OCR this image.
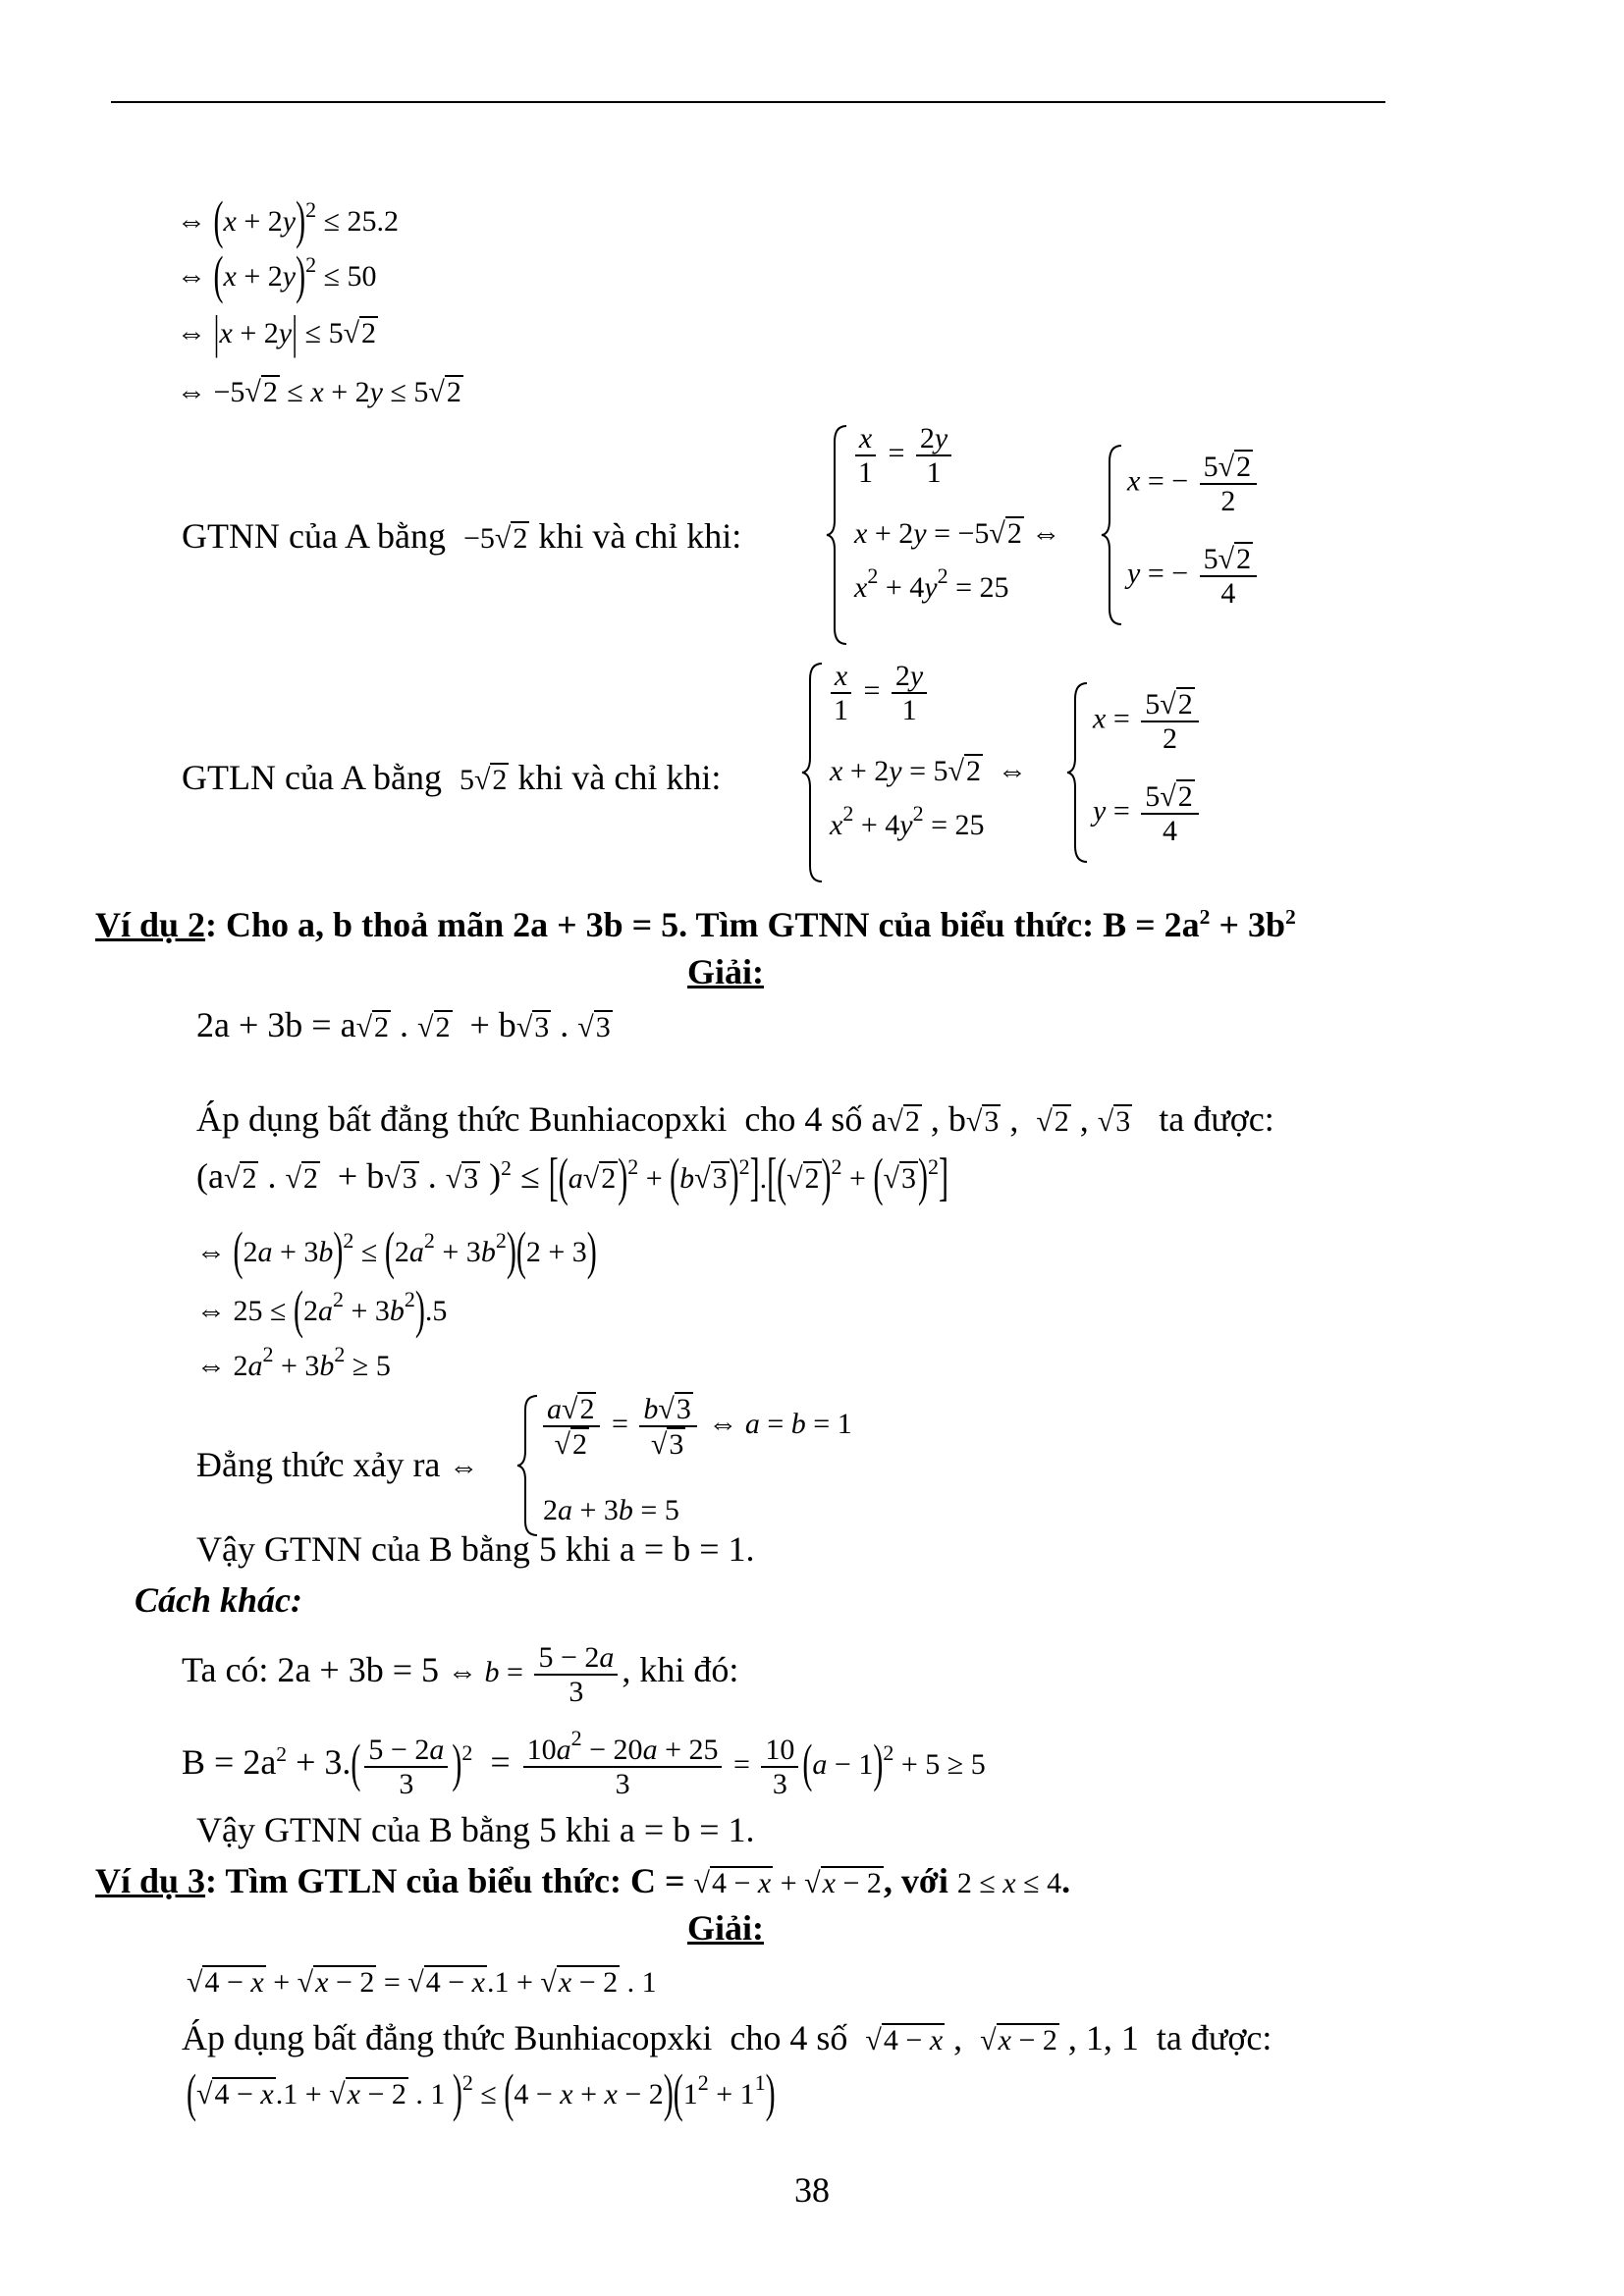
⇔ $(x + 2y)^2 \le 25.2$
⇔ $(x + 2y)^2 \le 50$
⇔ |x + 2y| ≤ 5√2
⇔ −5√2 ≤ x + 2y ≤ 5√2
GTNN của A bằng −5√2 khi và chỉ khi:
$\frac{x}{1} = \frac{2y}{1}$
x + 2y = −5√2 ⇔
$x^2 + 4y^2 = 25$
x = − $\frac{5√2}{2}$
y = − $\frac{5√2}{4}$
GTLN của A bằng 5√2 khi và chỉ khi:
$\frac{x}{1} = \frac{2y}{1}$
x + 2y = 5√2  ⇔
$x^2 + 4y^2 = 25$
$x = \frac{5√2}{2}$
$y = \frac{5√2}{4}$
Ví dụ 2: Cho a, b thoả mãn 2a + 3b = 5. Tìm GTNN của biểu thức: $B = 2a^2 + 3b^2$
Giải:
2a + 3b = a√2 . √2  + b√3 . √3
Áp dụng bất đẳng thức Bunhiacopxki  cho 4 số a√2 , b√3 ,  √2 , √3   ta được:
(a√2 . √2  + b√3 . √3 )$^2 \le [(a√2)^2 + (b√3)^2].[(√2)^2 + (√3)^2]$
⇔ $(2a + 3b)^2 \le (2a^2 + 3b^2)(2 + 3)$
⇔ $25 \le (2a^2 + 3b^2).5$
⇔ $2a^2 + 3b^2 \ge 5$
Đẳng thức xảy ra ⇔
$\frac{a√2}{√2} = \frac{b√3}{√3}$ ⇔ a = b = 1
2a + 3b = 5
Vậy GTNN của B bằng 5 khi a = b = 1.
Cách khác:
Ta có: 2a + 3b = 5 ⇔ $b = \frac{5 - 2a}{3}$ , khi đó:
$B = 2a^2 + 3.( \frac{5 - 2a}{3} )^2 = \frac{10a^2 - 20a + 25}{3} = \frac{10}{3} (a - 1)^2 + 5 \ge 5$
Vậy GTNN của B bằng 5 khi a = b = 1.
Ví dụ 3: Tìm GTLN của biểu thức: C = √4 − x + √x − 2, với 2 ≤ x ≤ 4.
Giải:
√4 − x + √x − 2 = √4 − x.1 + √x − 2 . 1
Áp dụng bất đẳng thức Bunhiacopxki  cho 4 số  √4 − x ,  √x − 2 , 1, 1  ta được:
(√4 − x.1 + √x − 2 . 1 )$^2 \le (4 - x + x - 2)(1^2 + 1^1)$
38
